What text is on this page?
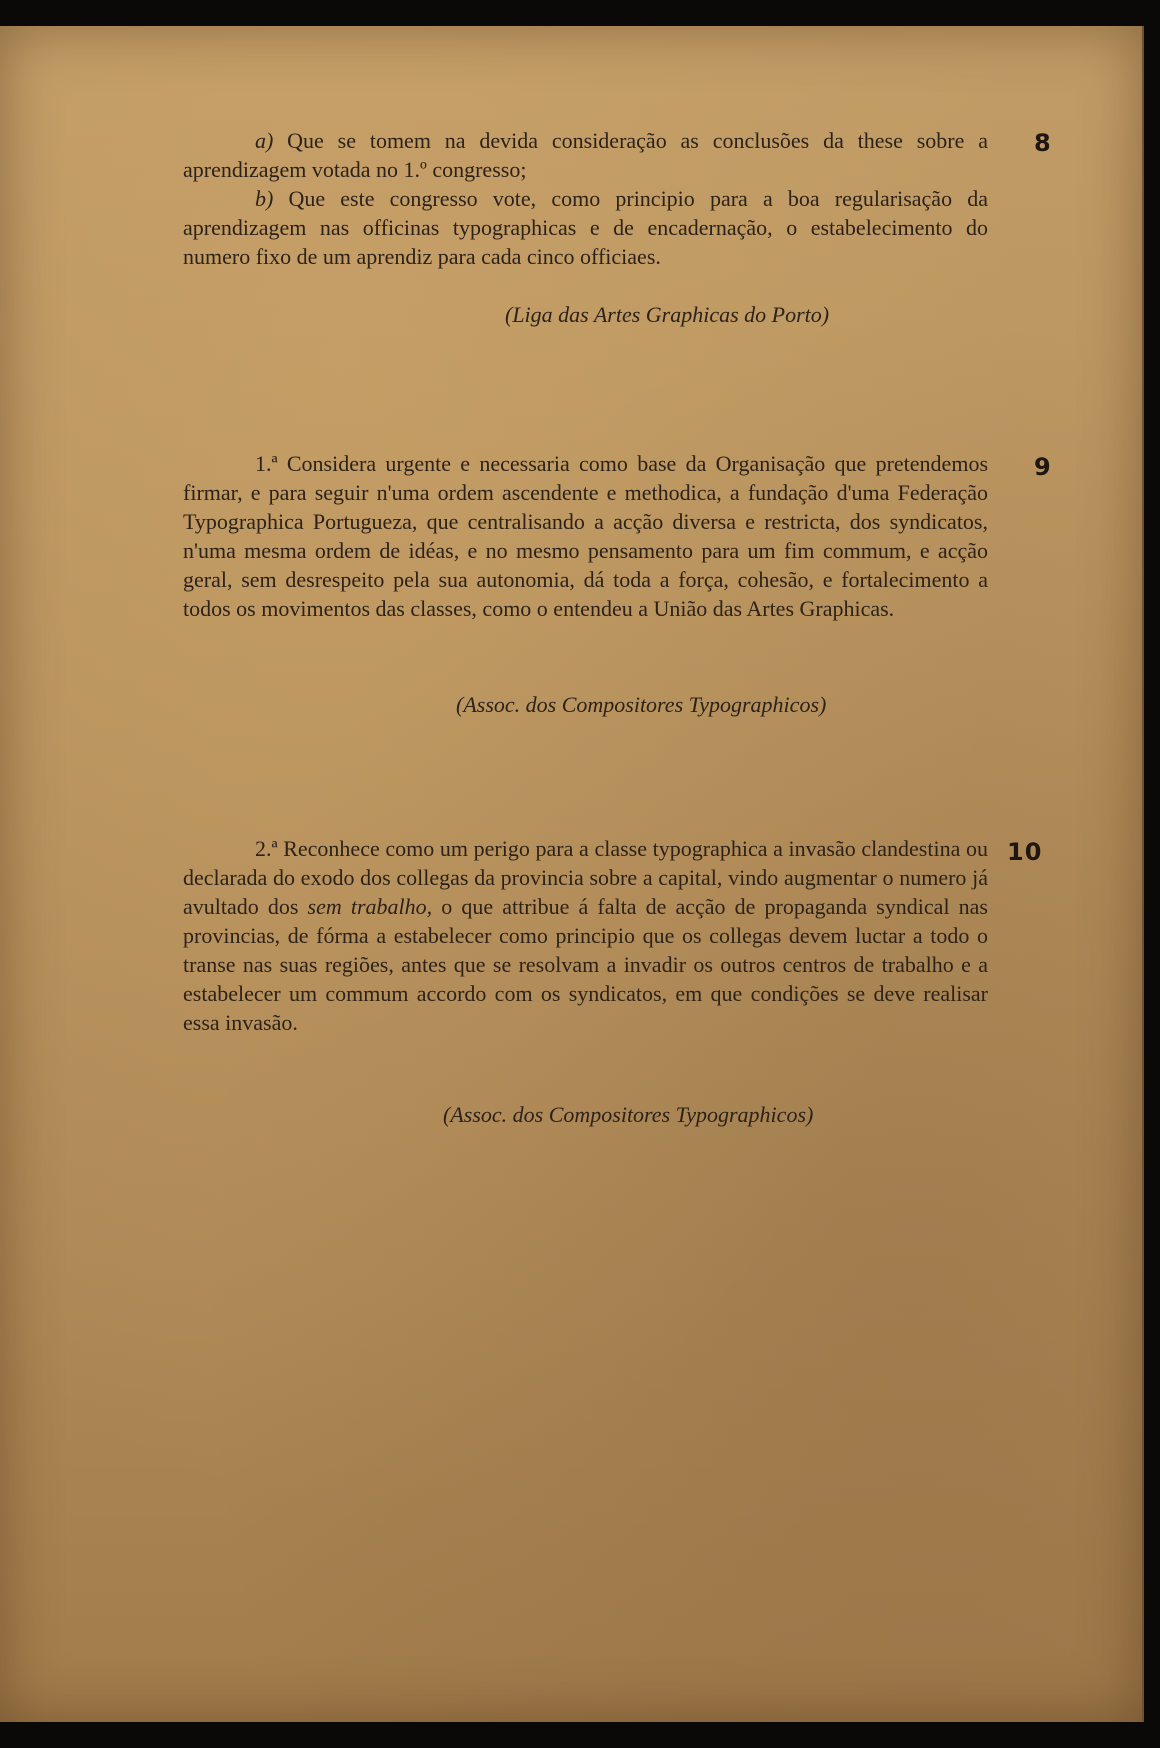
8

a) Que se tomem na devida consideração as conclusões da these sobre a aprendizagem votada no 1.º congresso;

b) Que este congresso vote, como principio para a boa regularisação da aprendizagem nas officinas typographicas e de encadernação, o estabelecimento do numero fixo de um aprendiz para cada cinco officiaes.

(Liga das Artes Graphicas do Porto)
9

1.ª Considera urgente e necessaria como base da Organisação que pretendemos firmar, e para seguir n'uma ordem ascendente e methodica, a fundação d'uma Federação Typographica Portugueza, que centralisando a acção diversa e restricta, dos syndicatos, n'uma mesma ordem de idéas, e no mesmo pensamento para um fim commum, e acção geral, sem desrespeito pela sua autonomia, dá toda a força, cohesão, e fortalecimento a todos os movimentos das classes, como o entendeu a União das Artes Graphicas.

(Assoc. dos Compositores Typographicos)
10

2.ª Reconhece como um perigo para a classe typographica a invasão clandestina ou declarada do exodo dos collegas da provincia sobre a capital, vindo augmentar o numero já avultado dos sem trabalho, o que attribue á falta de acção de propaganda syndical nas provincias, de fórma a estabelecer como principio que os collegas devem luctar a todo o transe nas suas regiões, antes que se resolvam a invadir os outros centros de trabalho e a estabelecer um commum accordo com os syndicatos, em que condições se deve realisar essa invasão.

(Assoc. dos Compositores Typographicos)
